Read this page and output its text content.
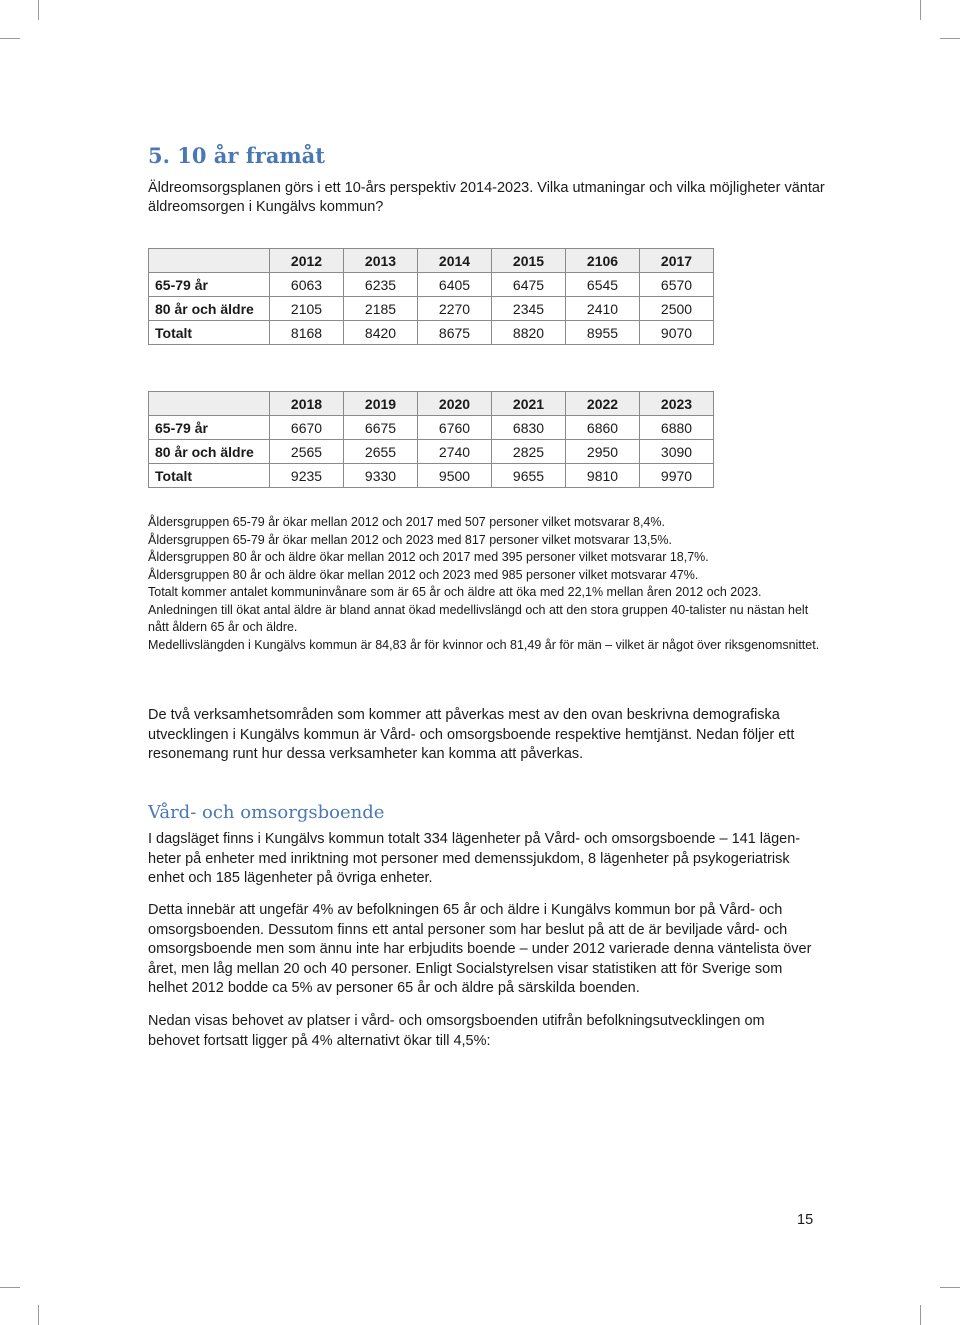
5. 10 år framåt

Äldreomsorgsplanen görs i ett 10-års perspektiv 2014-2023. Vilka utmaningar och vilka möjligheter väntar äldreomsorgen i Kungälvs kommun?

	2012	2013	2014	2015	2106	2017
65-79 år	6063	6235	6405	6475	6545	6570
80 år och äldre	2105	2185	2270	2345	2410	2500
Totalt	8168	8420	8675	8820	8955	9070
	2018	2019	2020	2021	2022	2023
65-79 år	6670	6675	6760	6830	6860	6880
80 år och äldre	2565	2655	2740	2825	2950	3090
Totalt	9235	9330	9500	9655	9810	9970

Åldersgruppen 65-79 år ökar mellan 2012 och 2017 med 507 personer vilket motsvarar 8,4%.

Åldersgruppen 65-79 år ökar mellan 2012 och 2023 med 817 personer vilket motsvarar 13,5%.

Åldersgruppen 80 år och äldre ökar mellan 2012 och 2017 med 395 personer vilket motsvarar 18,7%.

Åldersgruppen 80 år och äldre ökar mellan 2012 och 2023 med 985 personer vilket motsvarar 47%.

Totalt kommer antalet kommuninvånare som är 65 år och äldre att öka med 22,1% mellan åren 2012 och 2023.

Anledningen till ökat antal äldre är bland annat ökad medellivslängd och att den stora gruppen 40-talister nu nästan helt nått åldern 65 år och äldre.

Medellivslängden i Kungälvs kommun är 84,83 år för kvinnor och 81,49 år för män – vilket är något över riksgenomsnittet.

De två verksamhetsområden som kommer att påverkas mest av den ovan beskrivna demografiska utvecklingen i Kungälvs kommun är Vård- och omsorgsboende respektive hemtjänst. Nedan följer ett resonemang runt hur dessa verksamheter kan komma att påverkas.

Vård- och omsorgsboende

I dagsläget finns i Kungälvs kommun totalt 334 lägenheter på Vård- och omsorgsboende – 141 lägen-heter på enheter med inriktning mot personer med demenssjukdom, 8 lägenheter på psykogeriatrisk enhet och 185 lägenheter på övriga enheter.

Detta innebär att ungefär 4% av befolkningen 65 år och äldre i Kungälvs kommun bor på Vård- och omsorgsboenden. Dessutom finns ett antal personer som har beslut på att de är beviljade vård- och omsorgsboende men som ännu inte har erbjudits boende – under 2012 varierade denna väntelista över året, men låg mellan 20 och 40 personer. Enligt Socialstyrelsen visar statistiken att för Sverige som helhet 2012 bodde ca 5% av personer 65 år och äldre på särskilda boenden.

Nedan visas behovet av platser i vård- och omsorgsboenden utifrån befolkningsutvecklingen om behovet fortsatt ligger på 4% alternativt ökar till 4,5%:

15
